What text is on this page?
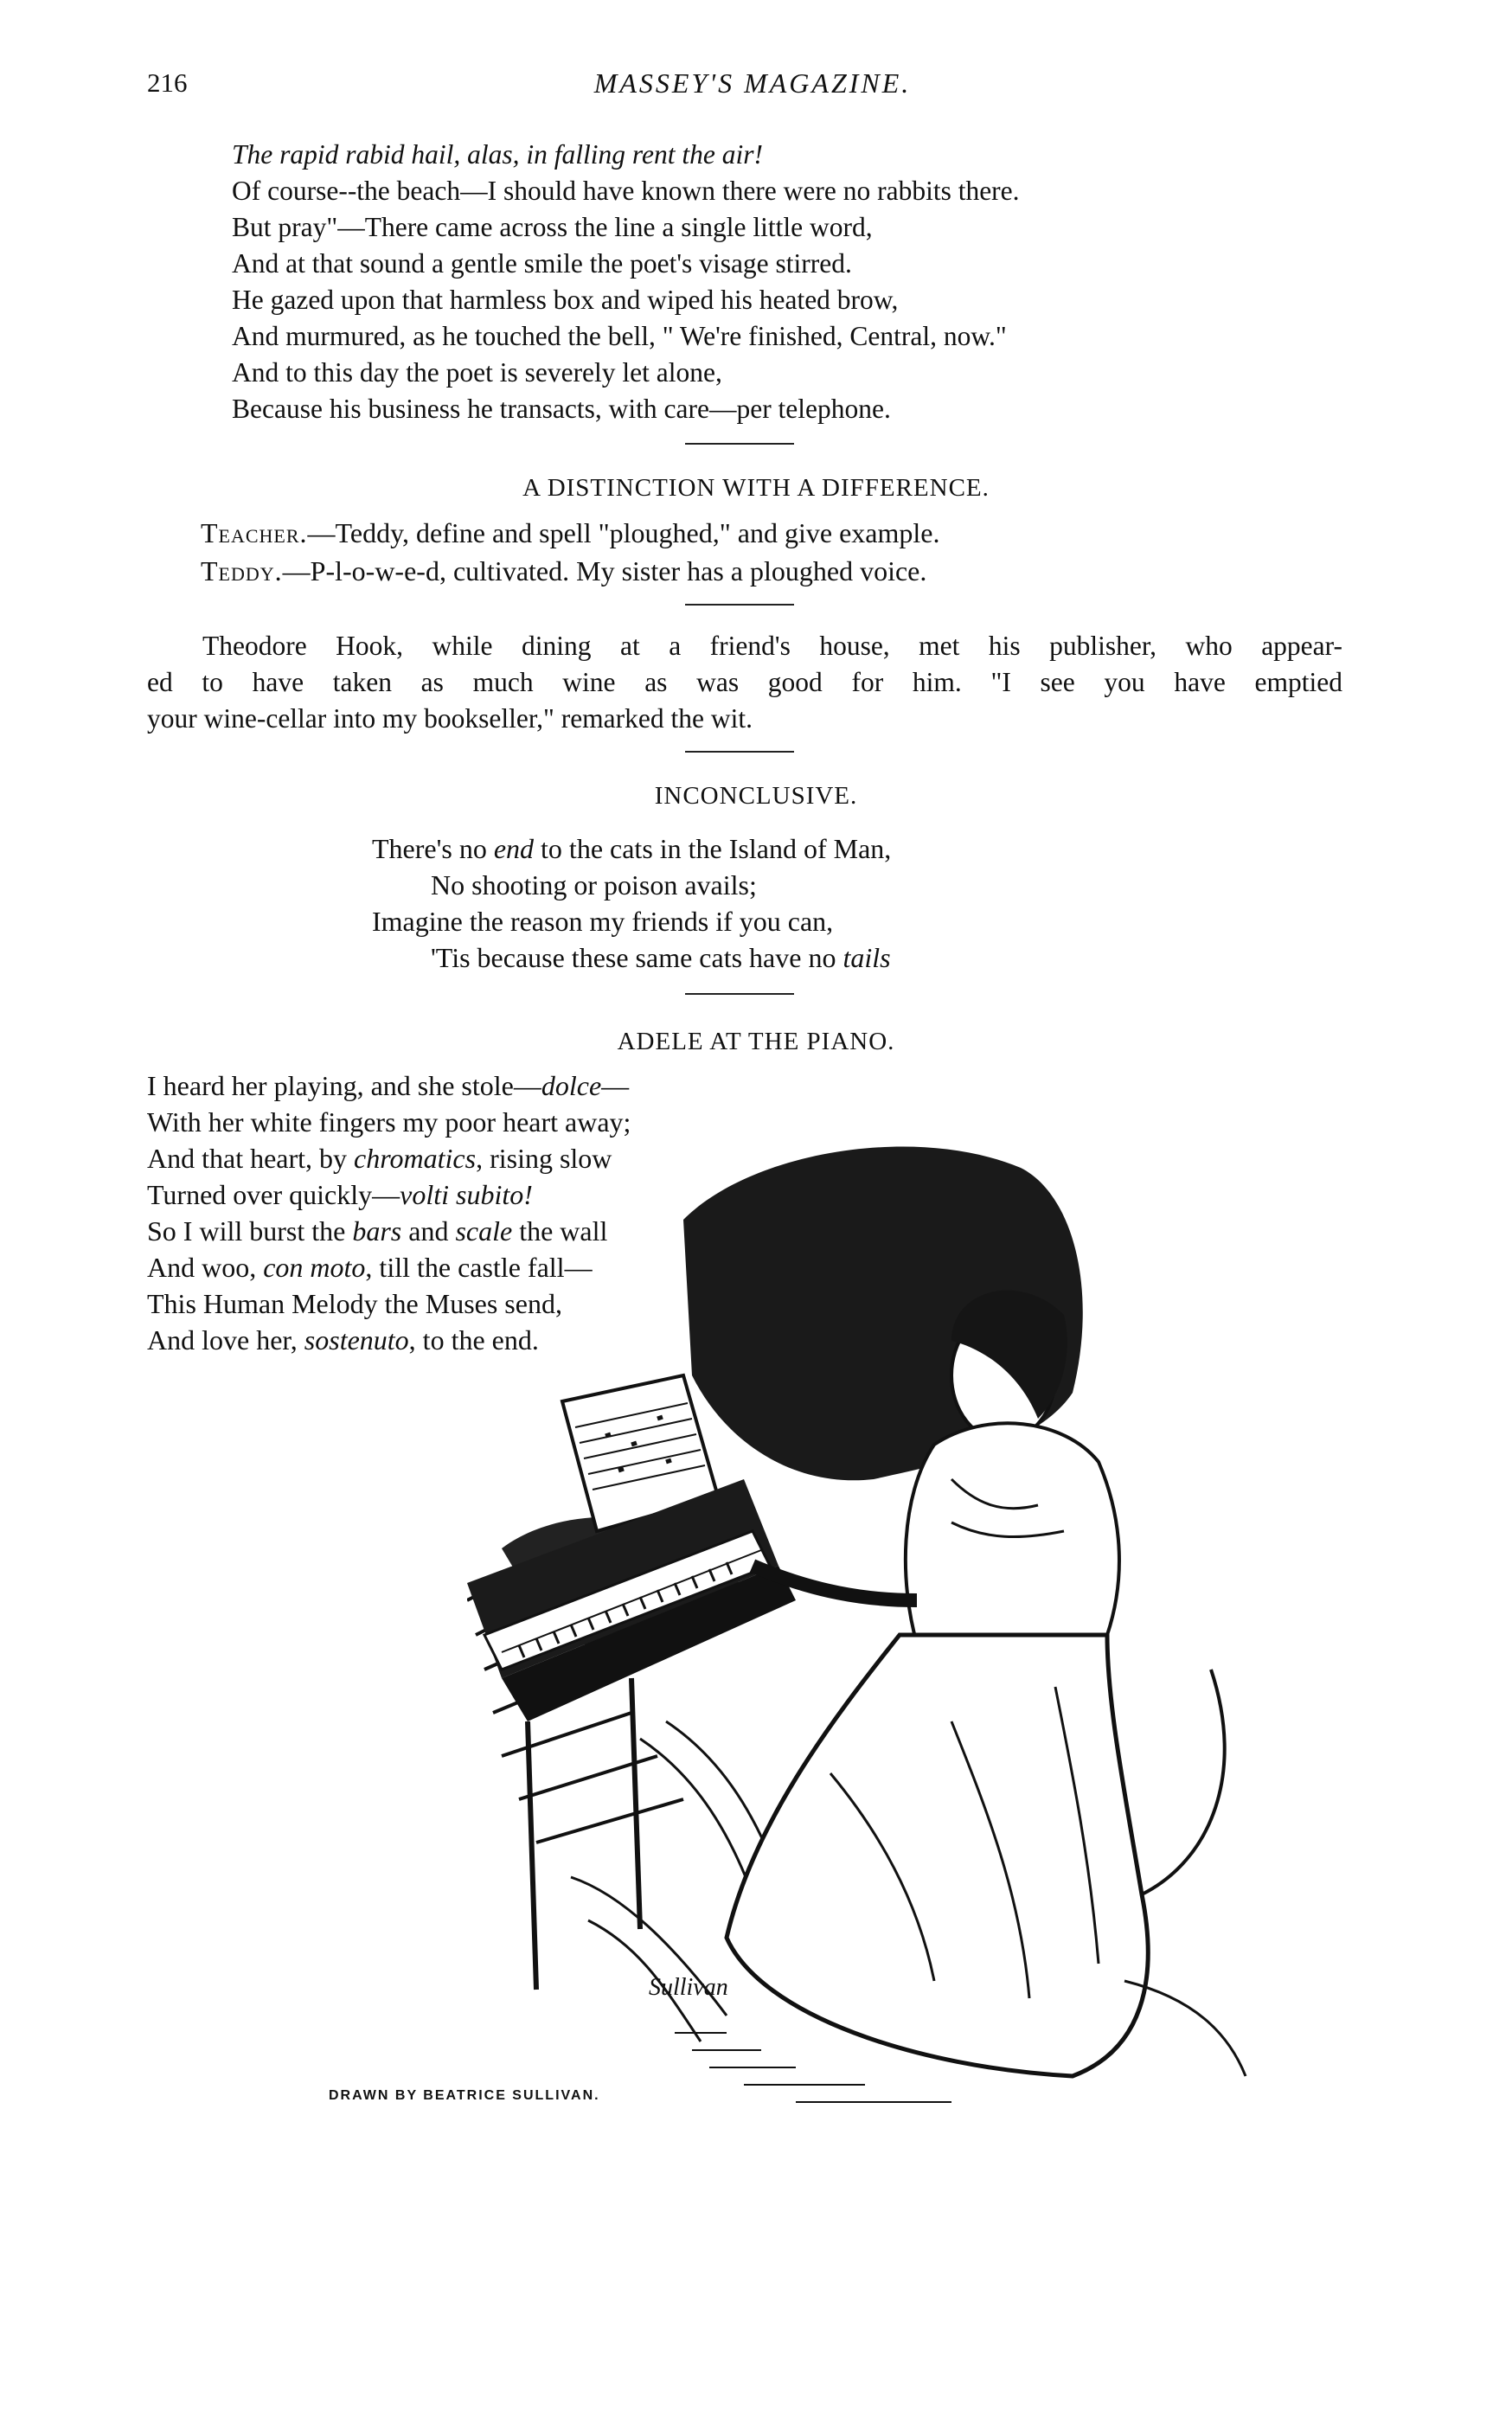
216	MASSEY'S MAGAZINE.
The rapid rabid hail, alas, in falling rent the air!
Of course--the beach—I should have known there were no rabbits there.
But pray"—There came across the line a single little word,
And at that sound a gentle smile the poet's visage stirred.
He gazed upon that harmless box and wiped his heated brow,
And murmured, as he touched the bell, " We're finished, Central, now."
And to this day the poet is severely let alone,
Because his business he transacts, with care—per telephone.
A DISTINCTION WITH A DIFFERENCE.
Teacher.—Teddy, define and spell "ploughed," and give example.
Teddy.—P-l-o-w-e-d, cultivated. My sister has a ploughed voice.
Theodore Hook, while dining at a friend's house, met his publisher, who appear-
ed to have taken as much wine as was good for him. "I see you have emptied
your wine-cellar into my bookseller," remarked the wit.
INCONCLUSIVE.
There's no end to the cats in the Island of Man,
No shooting or poison avails;
Imagine the reason my friends if you can,
'Tis because these same cats have no tails
ADELE AT THE PIANO.
I heard her playing, and she stole—dolce—
With her white fingers my poor heart away;
And that heart, by chromatics, rising slow
Turned over quickly—volti subito!
So I will burst the bars and scale the wall
And woo, con moto, till the castle fall—
This Human Melody the Muses send,
And love her, sostenuto, to the end.
Sullivan
DRAWN BY BEATRICE SULLIVAN.
